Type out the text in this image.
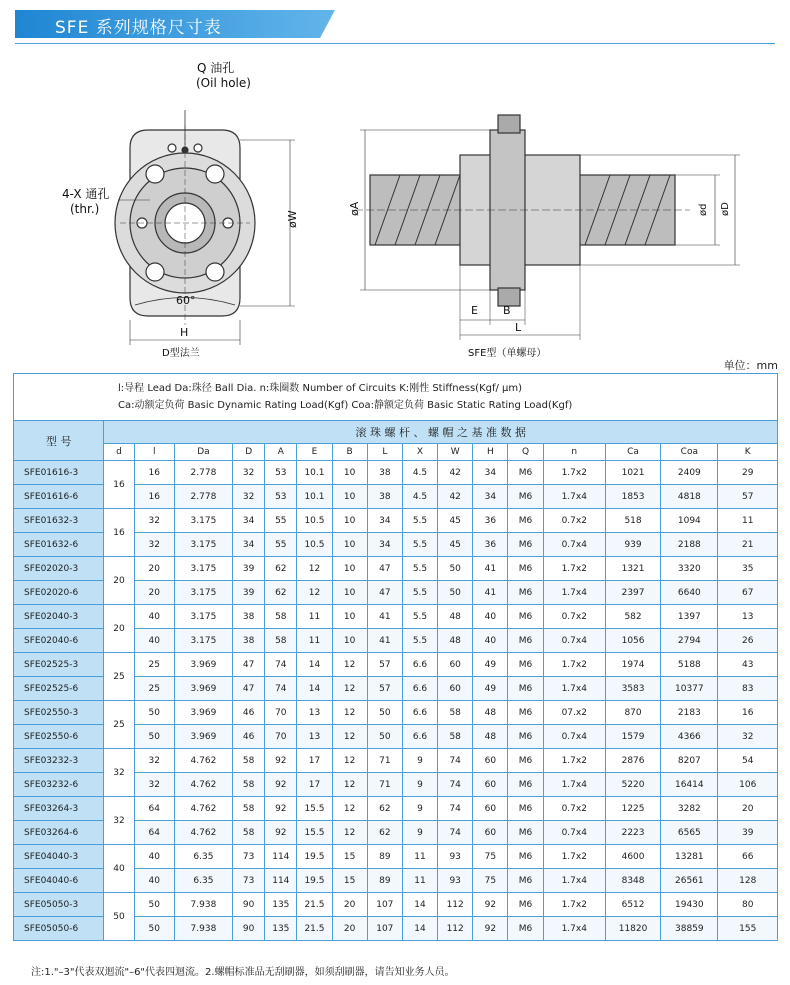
SFE 系列规格尺寸表
Q 油孔
(Oil hole)
4-X 通孔
(thr.)
60°
øW
H
D型法兰
øA	ød øD
E B
L
SFE型（单螺母）
单位：mm
l:导程 Lead Da:珠径 Ball Dia. n:珠圈数 Number of Circuits K:刚性 Stiffness(Kgf/ μm)
Ca:动额定负荷 Basic Dynamic Rating Load(Kgf) Coa:静额定负荷 Basic Static Rating Load(Kgf)																

型 号	滚 珠 螺 杆 、 螺 帽 之 基 准 数 据															
	d	l	Da	D	A	E	B	L	X	W	H	Q	n	Ca	Coa	K
SFE01616-3	16	16	2.778	32	53	10.1	10	38	4.5	42	34	M6	1.7x2	1021	2409	29
SFE01616-6		16	2.778	32	53	10.1	10	38	4.5	42	34	M6	1.7x4	1853	4818	57
SFE01632-3	16	32	3.175	34	55	10.5	10	34	5.5	45	36	M6	0.7x2	518	1094	11
SFE01632-6		32	3.175	34	55	10.5	10	34	5.5	45	36	M6	0.7x4	939	2188	21
SFE02020-3	20	20	3.175	39	62	12	10	47	5.5	50	41	M6	1.7x2	1321	3320	35
SFE02020-6		20	3.175	39	62	12	10	47	5.5	50	41	M6	1.7x4	2397	6640	67
SFE02040-3	20	40	3.175	38	58	11	10	41	5.5	48	40	M6	0.7x2	582	1397	13
SFE02040-6		40	3.175	38	58	11	10	41	5.5	48	40	M6	0.7x4	1056	2794	26
SFE02525-3	25	25	3.969	47	74	14	12	57	6.6	60	49	M6	1.7x2	1974	5188	43
SFE02525-6		25	3.969	47	74	14	12	57	6.6	60	49	M6	1.7x4	3583	10377	83
SFE02550-3	25	50	3.969	46	70	13	12	50	6.6	58	48	M6	07.x2	870	2183	16
SFE02550-6		50	3.969	46	70	13	12	50	6.6	58	48	M6	0.7x4	1579	4366	32
SFE03232-3	32	32	4.762	58	92	17	12	71	9	74	60	M6	1.7x2	2876	8207	54
SFE03232-6		32	4.762	58	92	17	12	71	9	74	60	M6	1.7x4	5220	16414	106
SFE03264-3	32	64	4.762	58	92	15.5	12	62	9	74	60	M6	0.7x2	1225	3282	20
SFE03264-6		64	4.762	58	92	15.5	12	62	9	74	60	M6	0.7x4	2223	6565	39
SFE04040-3	40	40	6.35	73	114	19.5	15	89	11	93	75	M6	1.7x2	4600	13281	66
SFE04040-6		40	6.35	73	114	19.5	15	89	11	93	75	M6	1.7x4	8348	26561	128
SFE05050-3	50	50	7.938	90	135	21.5	20	107	14	112	92	M6	1.7x2	6512	19430	80
SFE05050-6		50	7.938	90	135	21.5	20	107	14	112	92	M6	1.7x4	11820	38859	155
注:1."–3"代表双迴流"–6"代表四迴流。2.螺帽标准品无刮刷器，如须刮刷器，请告知业务人员。
